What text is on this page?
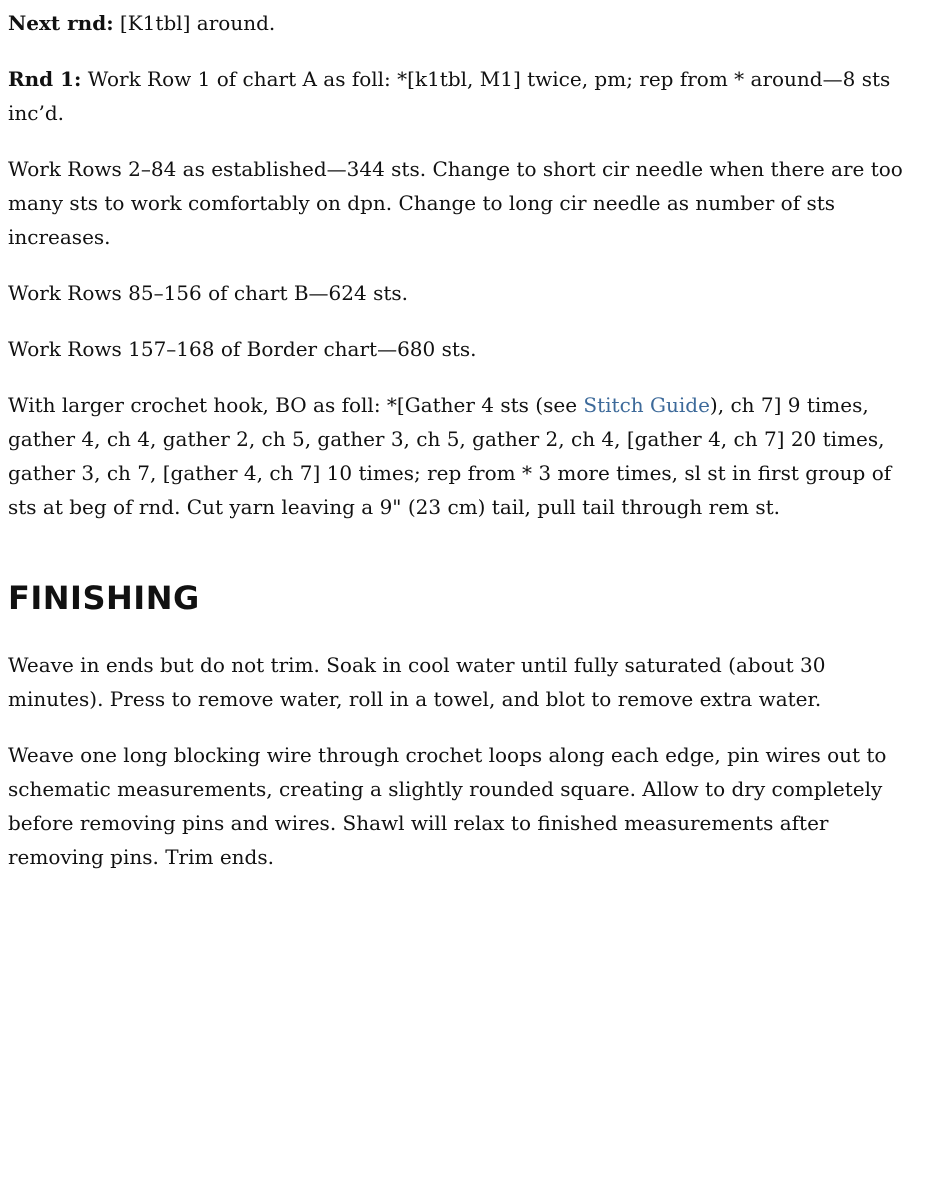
Next rnd: [K1tbl] around.

Rnd 1: Work Row 1 of chart A as foll: *[k1tbl, M1] twice, pm; rep from * around—8 sts inc’d.

Work Rows 2–84 as established—344 sts. Change to short cir needle when there are too many sts to work comfortably on dpn. Change to long cir needle as number of sts increases.

Work Rows 85–156 of chart B—624 sts.

Work Rows 157–168 of Border chart—680 sts.

With larger crochet hook, BO as foll: *[Gather 4 sts (see Stitch Guide), ch 7] 9 times, gather 4, ch 4, gather 2, ch 5, gather 3, ch 5, gather 2, ch 4, [gather 4, ch 7] 20 times, gather 3, ch 7, [gather 4, ch 7] 10 times; rep from * 3 more times, sl st in first group of sts at beg of rnd. Cut yarn leaving a 9" (23 cm) tail, pull tail through rem st.

FINISHING

Weave in ends but do not trim. Soak in cool water until fully saturated (about 30 minutes). Press to remove water, roll in a towel, and blot to remove extra water.

Weave one long blocking wire through crochet loops along each edge, pin wires out to schematic measurements, creating a slightly rounded square. Allow to dry completely before removing pins and wires. Shawl will relax to finished measurements after removing pins. Trim ends.
